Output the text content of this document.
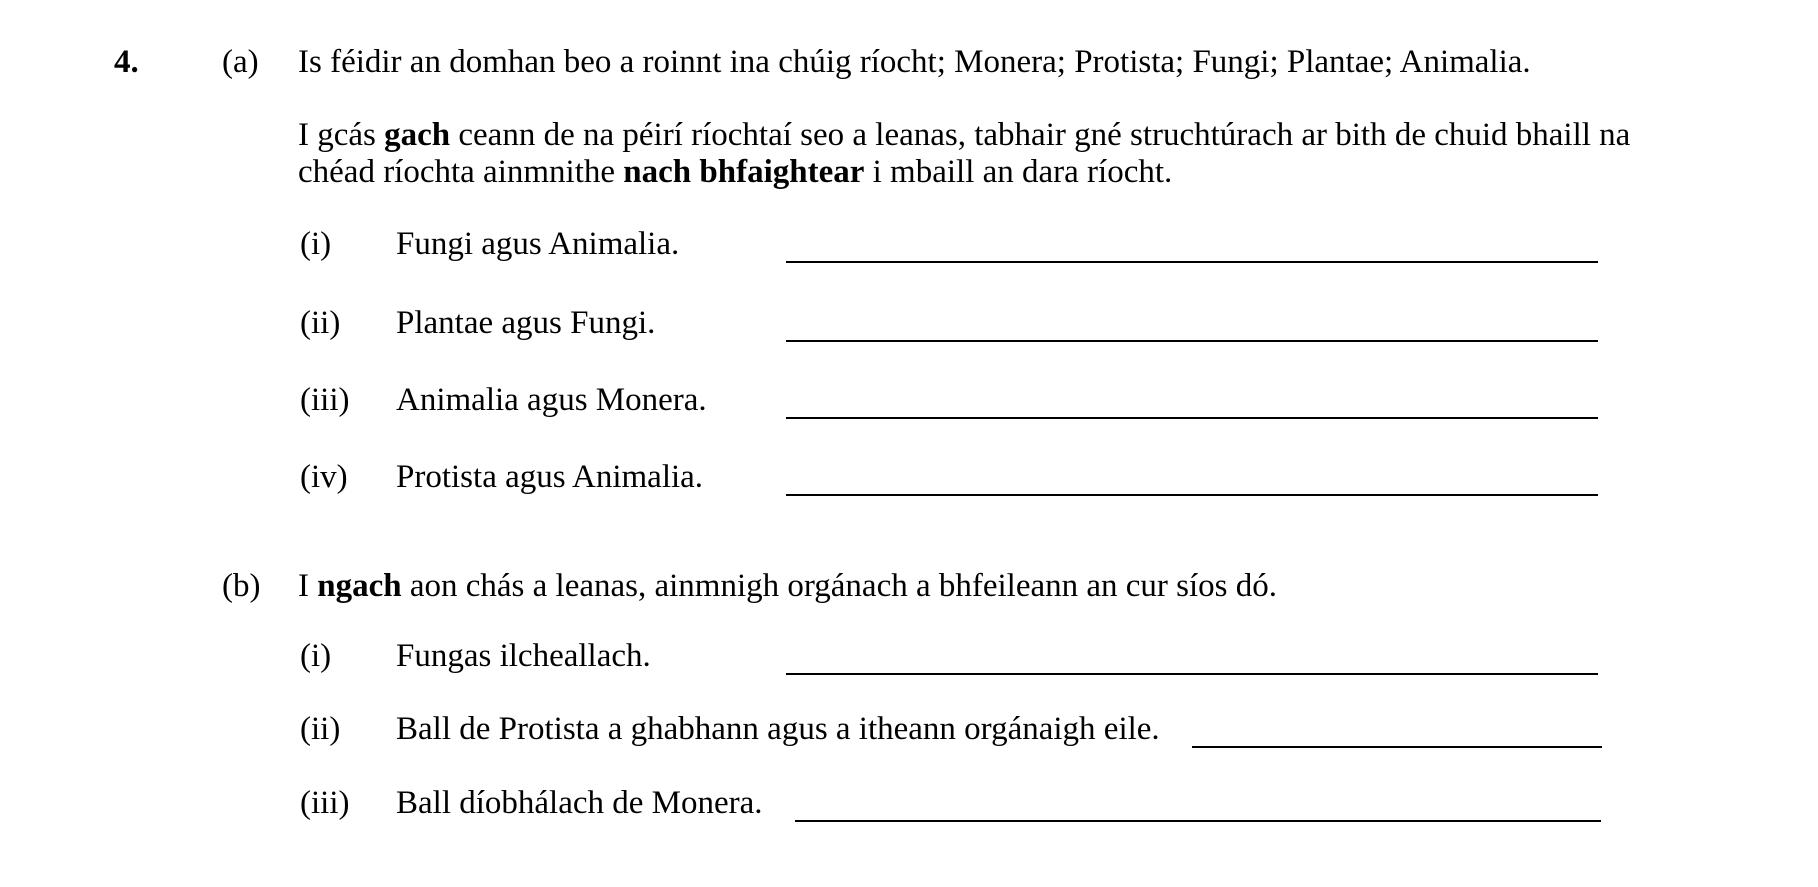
4.	(a) Is féidir an domhan beo a roinnt ina chúig ríocht; Monera; Protista; Fungi; Plantae; Animalia.
I gcás gach ceann de na péirí ríochtaí seo a leanas, tabhair gné struchtúrach ar bith de chuid bhaill na
chéad ríochta ainmnithe nach bhfaightear i mbaill an dara ríocht.
(i) Fungi agus Animalia.
(ii) Plantae agus Fungi.
(iii) Animalia agus Monera.
(iv) Protista agus Animalia.
(b) I ngach aon chás a leanas, ainmnigh orgánach a bhfeileann an cur síos dó.
(i) Fungas ilcheallach.
(ii) Ball de Protista a ghabhann agus a itheann orgánaigh eile.
(iii) Ball díobhálach de Monera.
